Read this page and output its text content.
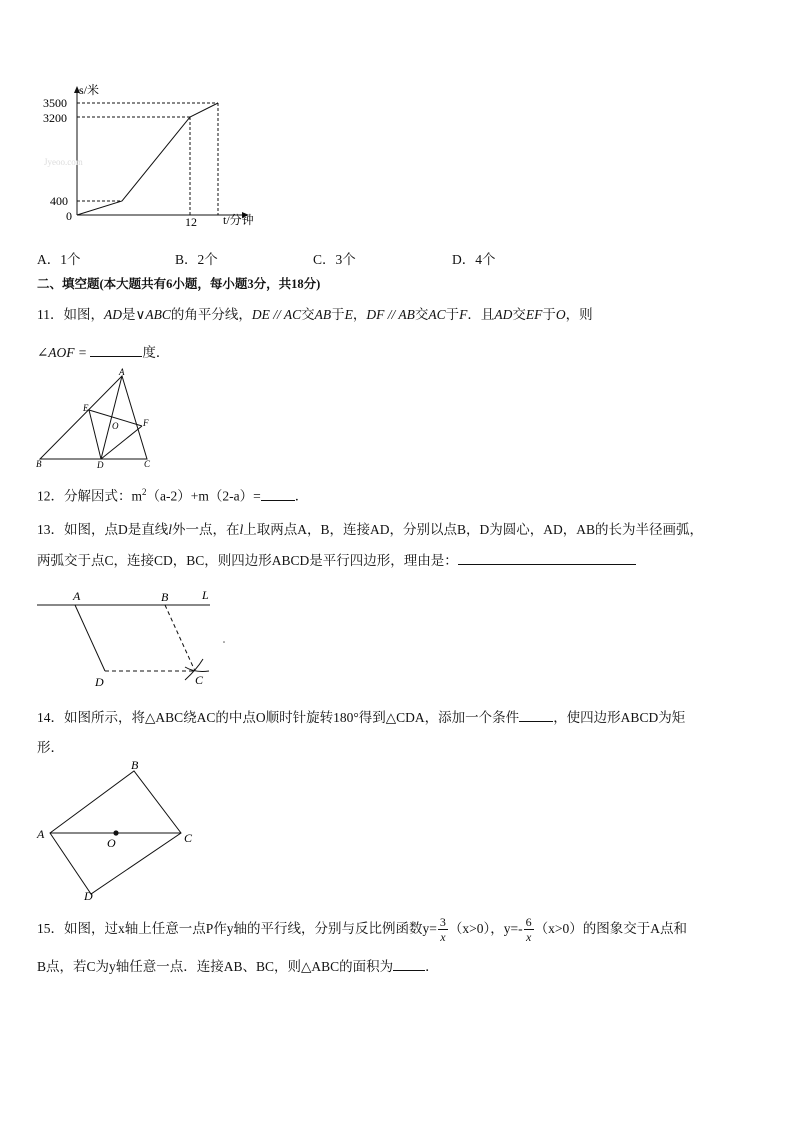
s/米
3500
3200
400
0	12 t/分钟
Jyeoo.com
A．1个	B．2个	C．3个	D．4个
二、填空题(本大题共有6小题，每小题3分，共18分)
11．如图，AD是∨ABC的角平分线，DE // AC交AB于E，DF // AB交AC于F．且AD交EF于O，则
∠AOF =	度．
A
E
O	F
B	D	C
12．分解因式：$m^2(a-2)+m(2-a)=$	．
13．如图，点D是直线l外一点，在l上取两点A，B，连接AD，分别以点B，D为圆心，AD，AB的长为半径画弧，
两弧交于点C，连接CD，BC，则四边形ABCD是平行四边形，理由是：
A	B	L
D	C
14．如图所示，将△ABC绕AC的中点O顺时针旋转180°得到△CDA，添加一个条件	，使四边形ABCD为矩
形．
B
A
O	C
D
15．如图，过x轴上任意一点P作y轴的平行线，分别与反比例函数$y= \frac{3}{x} (x>0)$，$y=- \frac{6}{x} (x>0)$的图象交于A点和
B点，若C为y轴任意一点．连接AB、BC，则△ABC的面积为 ．
